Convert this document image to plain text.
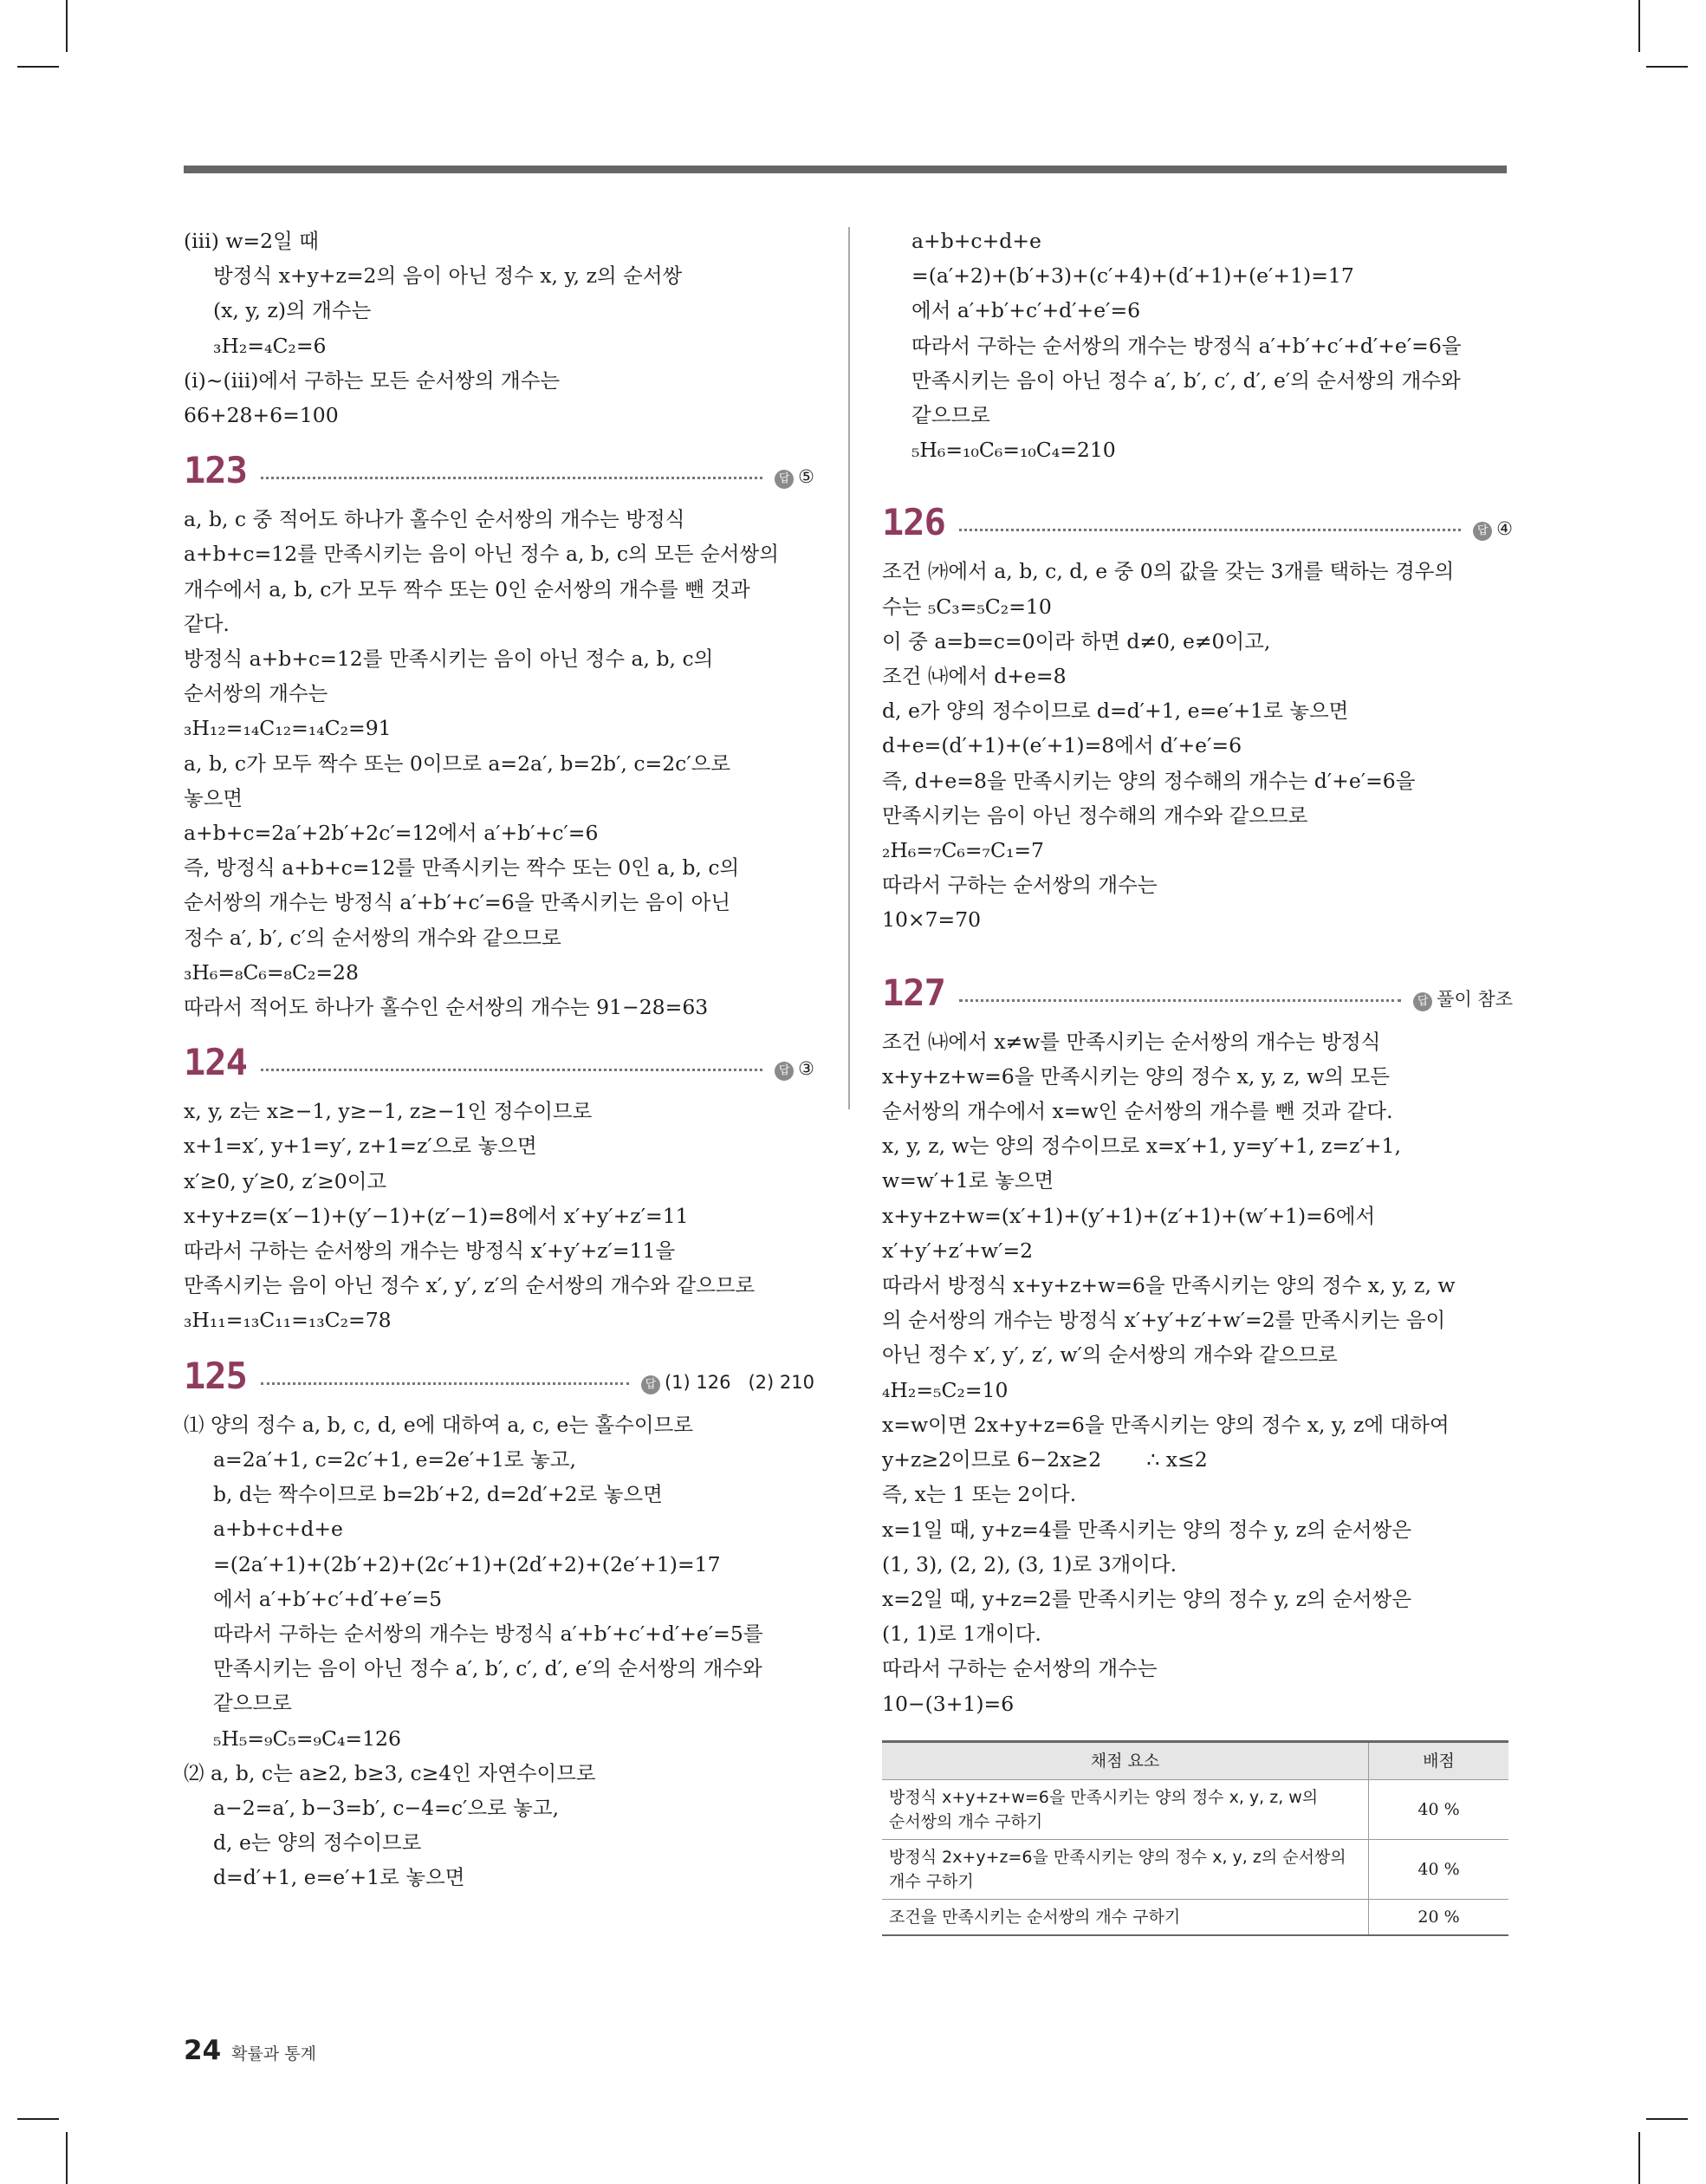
(ⅲ) w=2일 때
방정식 x+y+z=2의 음이 아닌 정수 x, y, z의 순서쌍
(x, y, z)의 개수는
₃H₂=₄C₂=6
(ⅰ)~(ⅲ)에서 구하는 모든 순서쌍의 개수는
66+28+6=100
123	답 ⑤
a, b, c 중 적어도 하나가 홀수인 순서쌍의 개수는 방정식
a+b+c=12를 만족시키는 음이 아닌 정수 a, b, c의 모든 순서쌍의
개수에서 a, b, c가 모두 짝수 또는 0인 순서쌍의 개수를 뺀 것과
같다.
방정식 a+b+c=12를 만족시키는 음이 아닌 정수 a, b, c의
순서쌍의 개수는
₃H₁₂=₁₄C₁₂=₁₄C₂=91
a, b, c가 모두 짝수 또는 0이므로 a=2a′, b=2b′, c=2c′으로
놓으면
a+b+c=2a′+2b′+2c′=12에서 a′+b′+c′=6
즉, 방정식 a+b+c=12를 만족시키는 짝수 또는 0인 a, b, c의
순서쌍의 개수는 방정식 a′+b′+c′=6을 만족시키는 음이 아닌
정수 a′, b′, c′의 순서쌍의 개수와 같으므로
₃H₆=₈C₆=₈C₂=28
따라서 적어도 하나가 홀수인 순서쌍의 개수는 91−28=63
124	답 ③
x, y, z는 x≥−1, y≥−1, z≥−1인 정수이므로
x+1=x′, y+1=y′, z+1=z′으로 놓으면
x′≥0, y′≥0, z′≥0이고
x+y+z=(x′−1)+(y′−1)+(z′−1)=8에서 x′+y′+z′=11
따라서 구하는 순서쌍의 개수는 방정식 x′+y′+z′=11을
만족시키는 음이 아닌 정수 x′, y′, z′의 순서쌍의 개수와 같으므로
₃H₁₁=₁₃C₁₁=₁₃C₂=78
125	답 (1) 126   (2) 210
⑴ 양의 정수 a, b, c, d, e에 대하여 a, c, e는 홀수이므로
a=2a′+1, c=2c′+1, e=2e′+1로 놓고,
b, d는 짝수이므로 b=2b′+2, d=2d′+2로 놓으면
a+b+c+d+e
=(2a′+1)+(2b′+2)+(2c′+1)+(2d′+2)+(2e′+1)=17
에서 a′+b′+c′+d′+e′=5
따라서 구하는 순서쌍의 개수는 방정식 a′+b′+c′+d′+e′=5를
만족시키는 음이 아닌 정수 a′, b′, c′, d′, e′의 순서쌍의 개수와
같으므로
₅H₅=₉C₅=₉C₄=126
⑵ a, b, c는 a≥2, b≥3, c≥4인 자연수이므로
a−2=a′, b−3=b′, c−4=c′으로 놓고,
d, e는 양의 정수이므로
d=d′+1, e=e′+1로 놓으면
a+b+c+d+e
=(a′+2)+(b′+3)+(c′+4)+(d′+1)+(e′+1)=17
에서 a′+b′+c′+d′+e′=6
따라서 구하는 순서쌍의 개수는 방정식 a′+b′+c′+d′+e′=6을
만족시키는 음이 아닌 정수 a′, b′, c′, d′, e′의 순서쌍의 개수와
같으므로
₅H₆=₁₀C₆=₁₀C₄=210
126	답 ④
조건 ㈎에서 a, b, c, d, e 중 0의 값을 갖는 3개를 택하는 경우의
수는 ₅C₃=₅C₂=10
이 중 a=b=c=0이라 하면 d≠0, e≠0이고,
조건 ㈏에서 d+e=8
d, e가 양의 정수이므로 d=d′+1, e=e′+1로 놓으면
d+e=(d′+1)+(e′+1)=8에서 d′+e′=6
즉, d+e=8을 만족시키는 양의 정수해의 개수는 d′+e′=6을
만족시키는 음이 아닌 정수해의 개수와 같으므로
₂H₆=₇C₆=₇C₁=7
따라서 구하는 순서쌍의 개수는
10×7=70
127	답 풀이 참조
조건 ㈏에서 x≠w를 만족시키는 순서쌍의 개수는 방정식
x+y+z+w=6을 만족시키는 양의 정수 x, y, z, w의 모든
순서쌍의 개수에서 x=w인 순서쌍의 개수를 뺀 것과 같다.
x, y, z, w는 양의 정수이므로 x=x′+1, y=y′+1, z=z′+1,
w=w′+1로 놓으면
x+y+z+w=(x′+1)+(y′+1)+(z′+1)+(w′+1)=6에서
x′+y′+z′+w′=2
따라서 방정식 x+y+z+w=6을 만족시키는 양의 정수 x, y, z, w
의 순서쌍의 개수는 방정식 x′+y′+z′+w′=2를 만족시키는 음이
아닌 정수 x′, y′, z′, w′의 순서쌍의 개수와 같으므로
₄H₂=₅C₂=10
x=w이면 2x+y+z=6을 만족시키는 양의 정수 x, y, z에 대하여
y+z≥2이므로 6−2x≥2       ∴ x≤2
즉, x는 1 또는 2이다.
x=1일 때, y+z=4를 만족시키는 양의 정수 y, z의 순서쌍은
(1, 3), (2, 2), (3, 1)로 3개이다.
x=2일 때, y+z=2를 만족시키는 양의 정수 y, z의 순서쌍은
(1, 1)로 1개이다.
따라서 구하는 순서쌍의 개수는
10−(3+1)=6
채점 요소	배점

방정식 x+y+z+w=6을 만족시키는 양의 정수 x, y, z, w의
순서쌍의 개수 구하기	40 %

방정식 2x+y+z=6을 만족시키는 양의 정수 x, y, z의 순서쌍의
개수 구하기	40 %

조건을 만족시키는 순서쌍의 개수 구하기	20 %
24 확률과 통계
